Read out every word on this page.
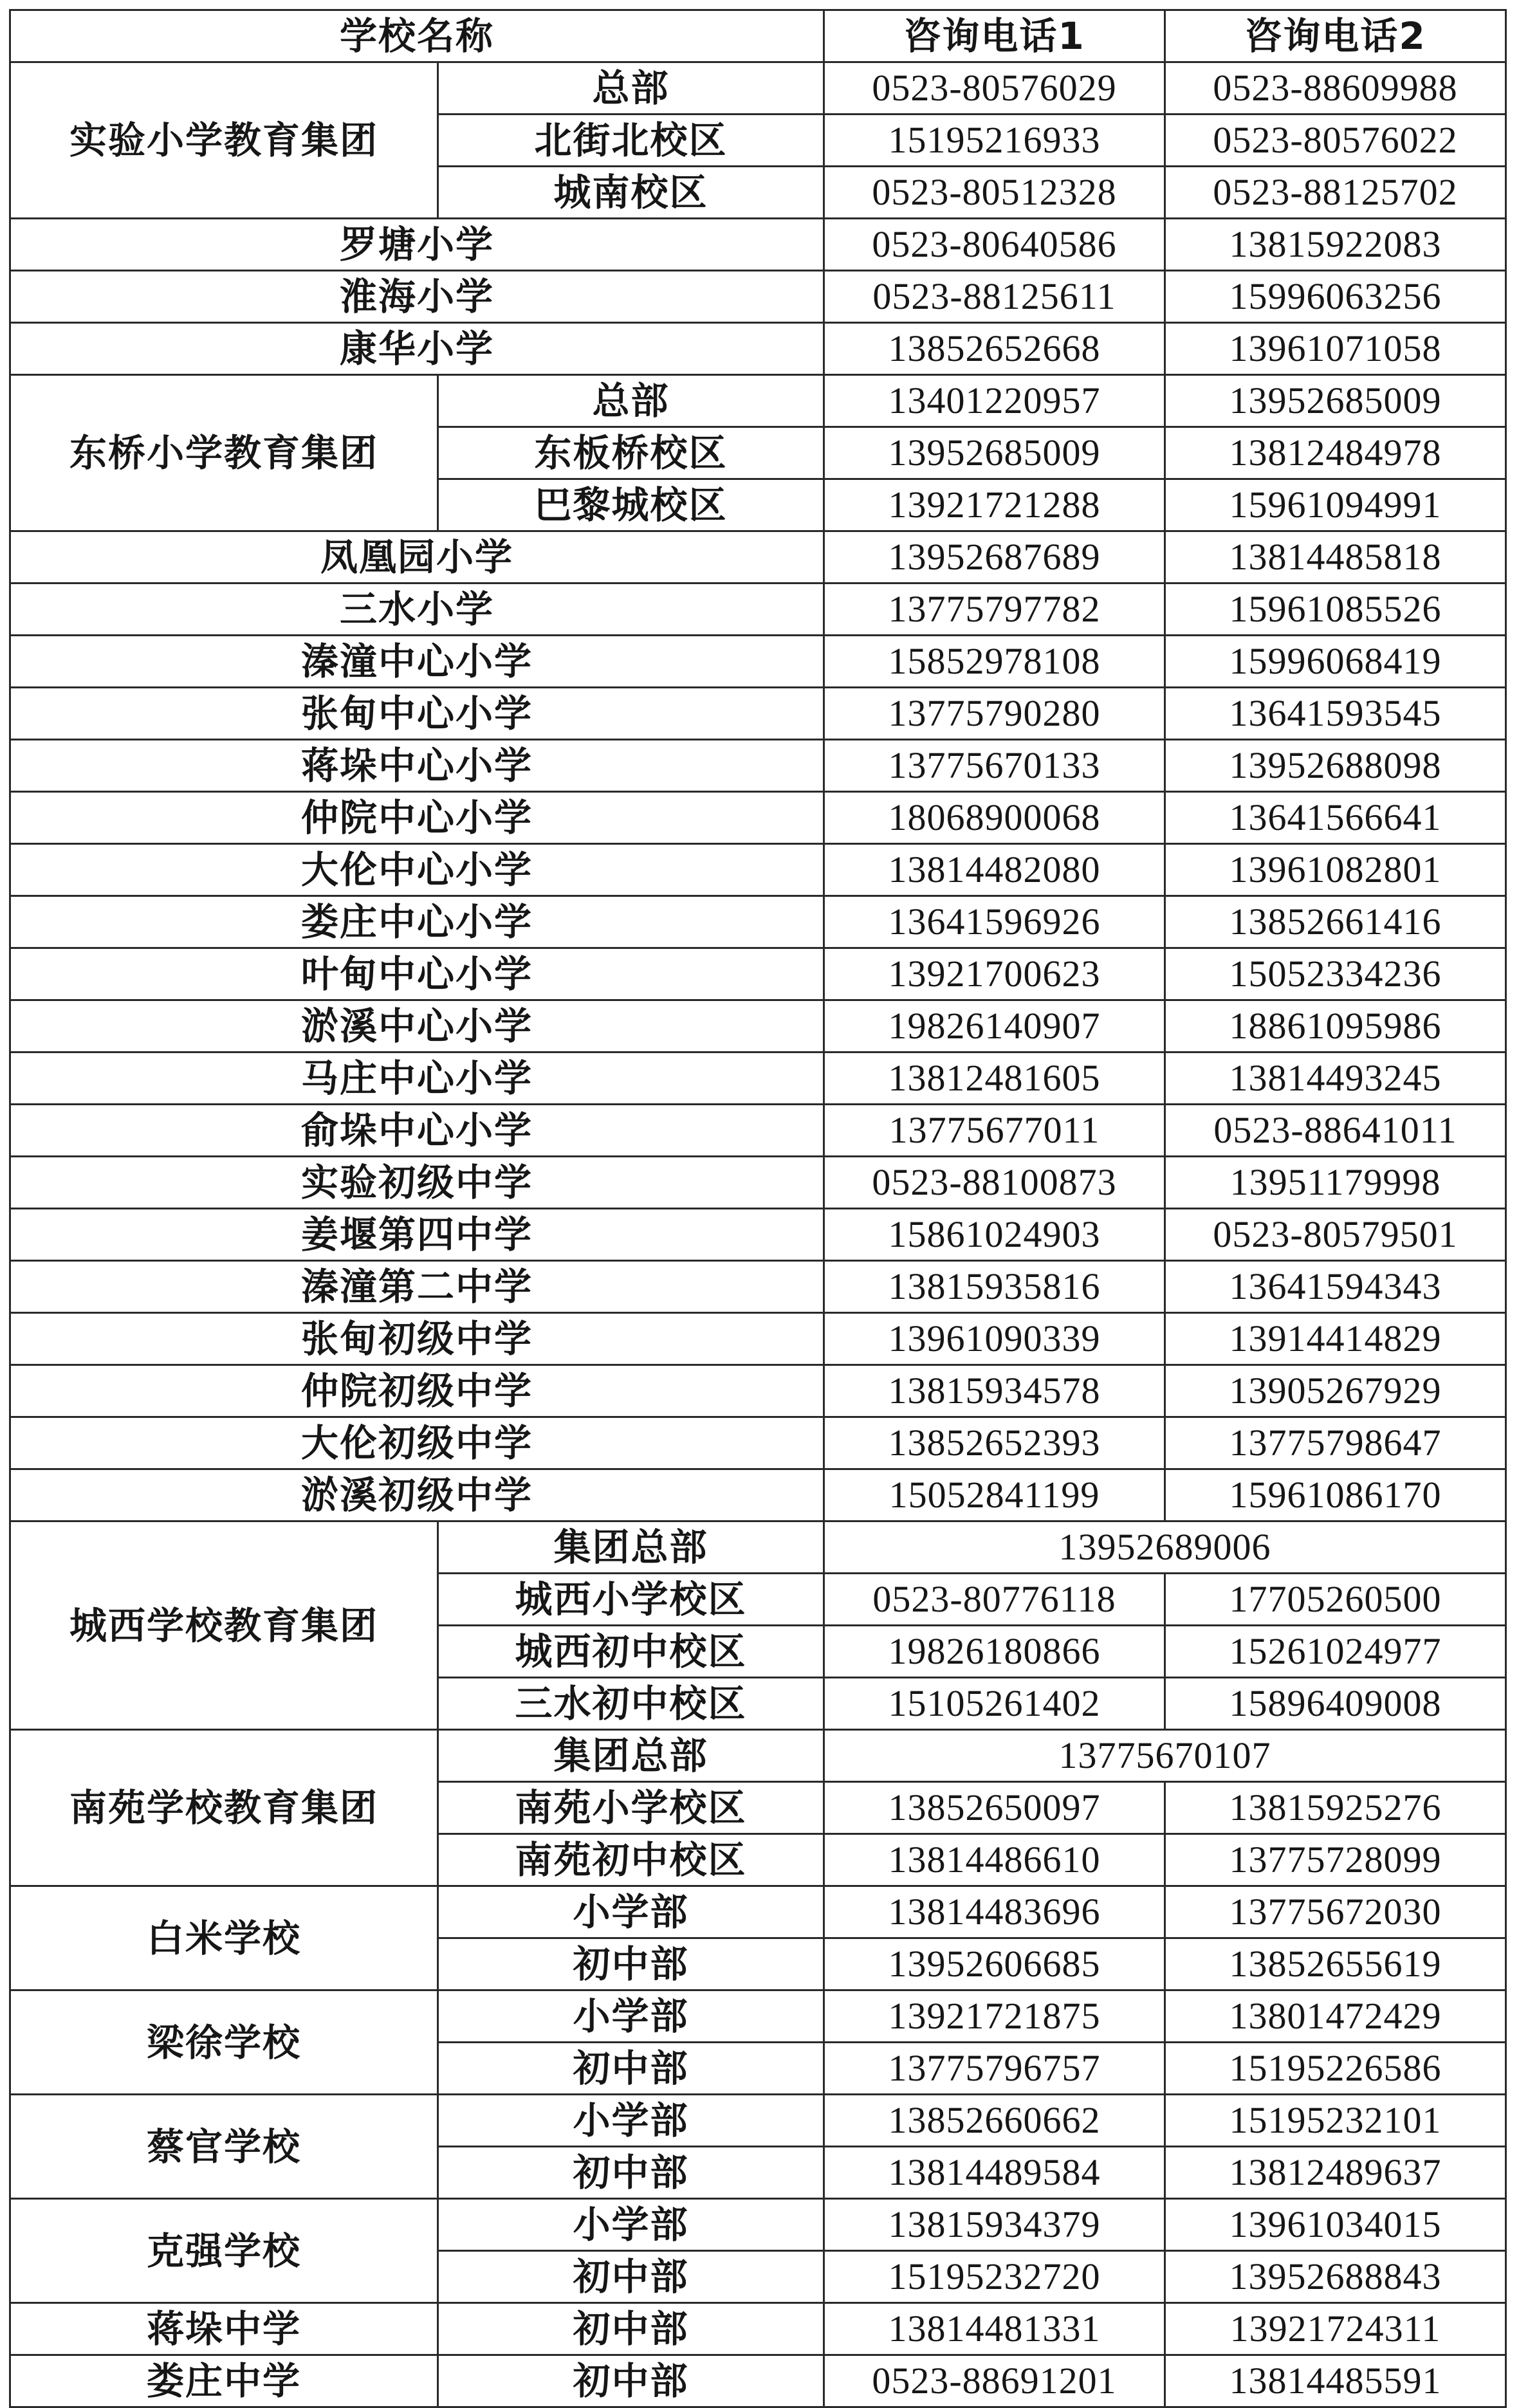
学校名称		咨询电话1	咨询电话2
实验小学教育集团	总部	0523-80576029	0523-88609988
	北街北校区	15195216933	0523-80576022
	城南校区	0523-80512328	0523-88125702
罗塘小学		0523-80640586	13815922083
淮海小学		0523-88125611	15996063256
康华小学		13852652668	13961071058
东桥小学教育集团	总部	13401220957	13952685009
	东板桥校区	13952685009	13812484978
	巴黎城校区	13921721288	15961094991
凤凰园小学		13952687689	13814485818
三水小学		13775797782	15961085526
溱潼中心小学		15852978108	15996068419
张甸中心小学		13775790280	13641593545
蒋垛中心小学		13775670133	13952688098
仲院中心小学		18068900068	13641566641
大伦中心小学		13814482080	13961082801
娄庄中心小学		13641596926	13852661416
叶甸中心小学		13921700623	15052334236
淤溪中心小学		19826140907	18861095986
马庄中心小学		13812481605	13814493245
俞垛中心小学		13775677011	0523-88641011
实验初级中学		0523-88100873	13951179998
姜堰第四中学		15861024903	0523-80579501
溱潼第二中学		13815935816	13641594343
张甸初级中学		13961090339	13914414829
仲院初级中学		13815934578	13905267929
大伦初级中学		13852652393	13775798647
淤溪初级中学		15052841199	15961086170
城西学校教育集团	集团总部	13952689006	
	城西小学校区	0523-80776118	17705260500
	城西初中校区	19826180866	15261024977
	三水初中校区	15105261402	15896409008
南苑学校教育集团	集团总部	13775670107	
	南苑小学校区	13852650097	13815925276
	南苑初中校区	13814486610	13775728099
白米学校	小学部	13814483696	13775672030
	初中部	13952606685	13852655619
梁徐学校	小学部	13921721875	13801472429
	初中部	13775796757	15195226586
蔡官学校	小学部	13852660662	15195232101
	初中部	13814489584	13812489637
克强学校	小学部	13815934379	13961034015
	初中部	15195232720	13952688843
蒋垛中学	初中部	13814481331	13921724311
娄庄中学	初中部	0523-88691201	13814485591
